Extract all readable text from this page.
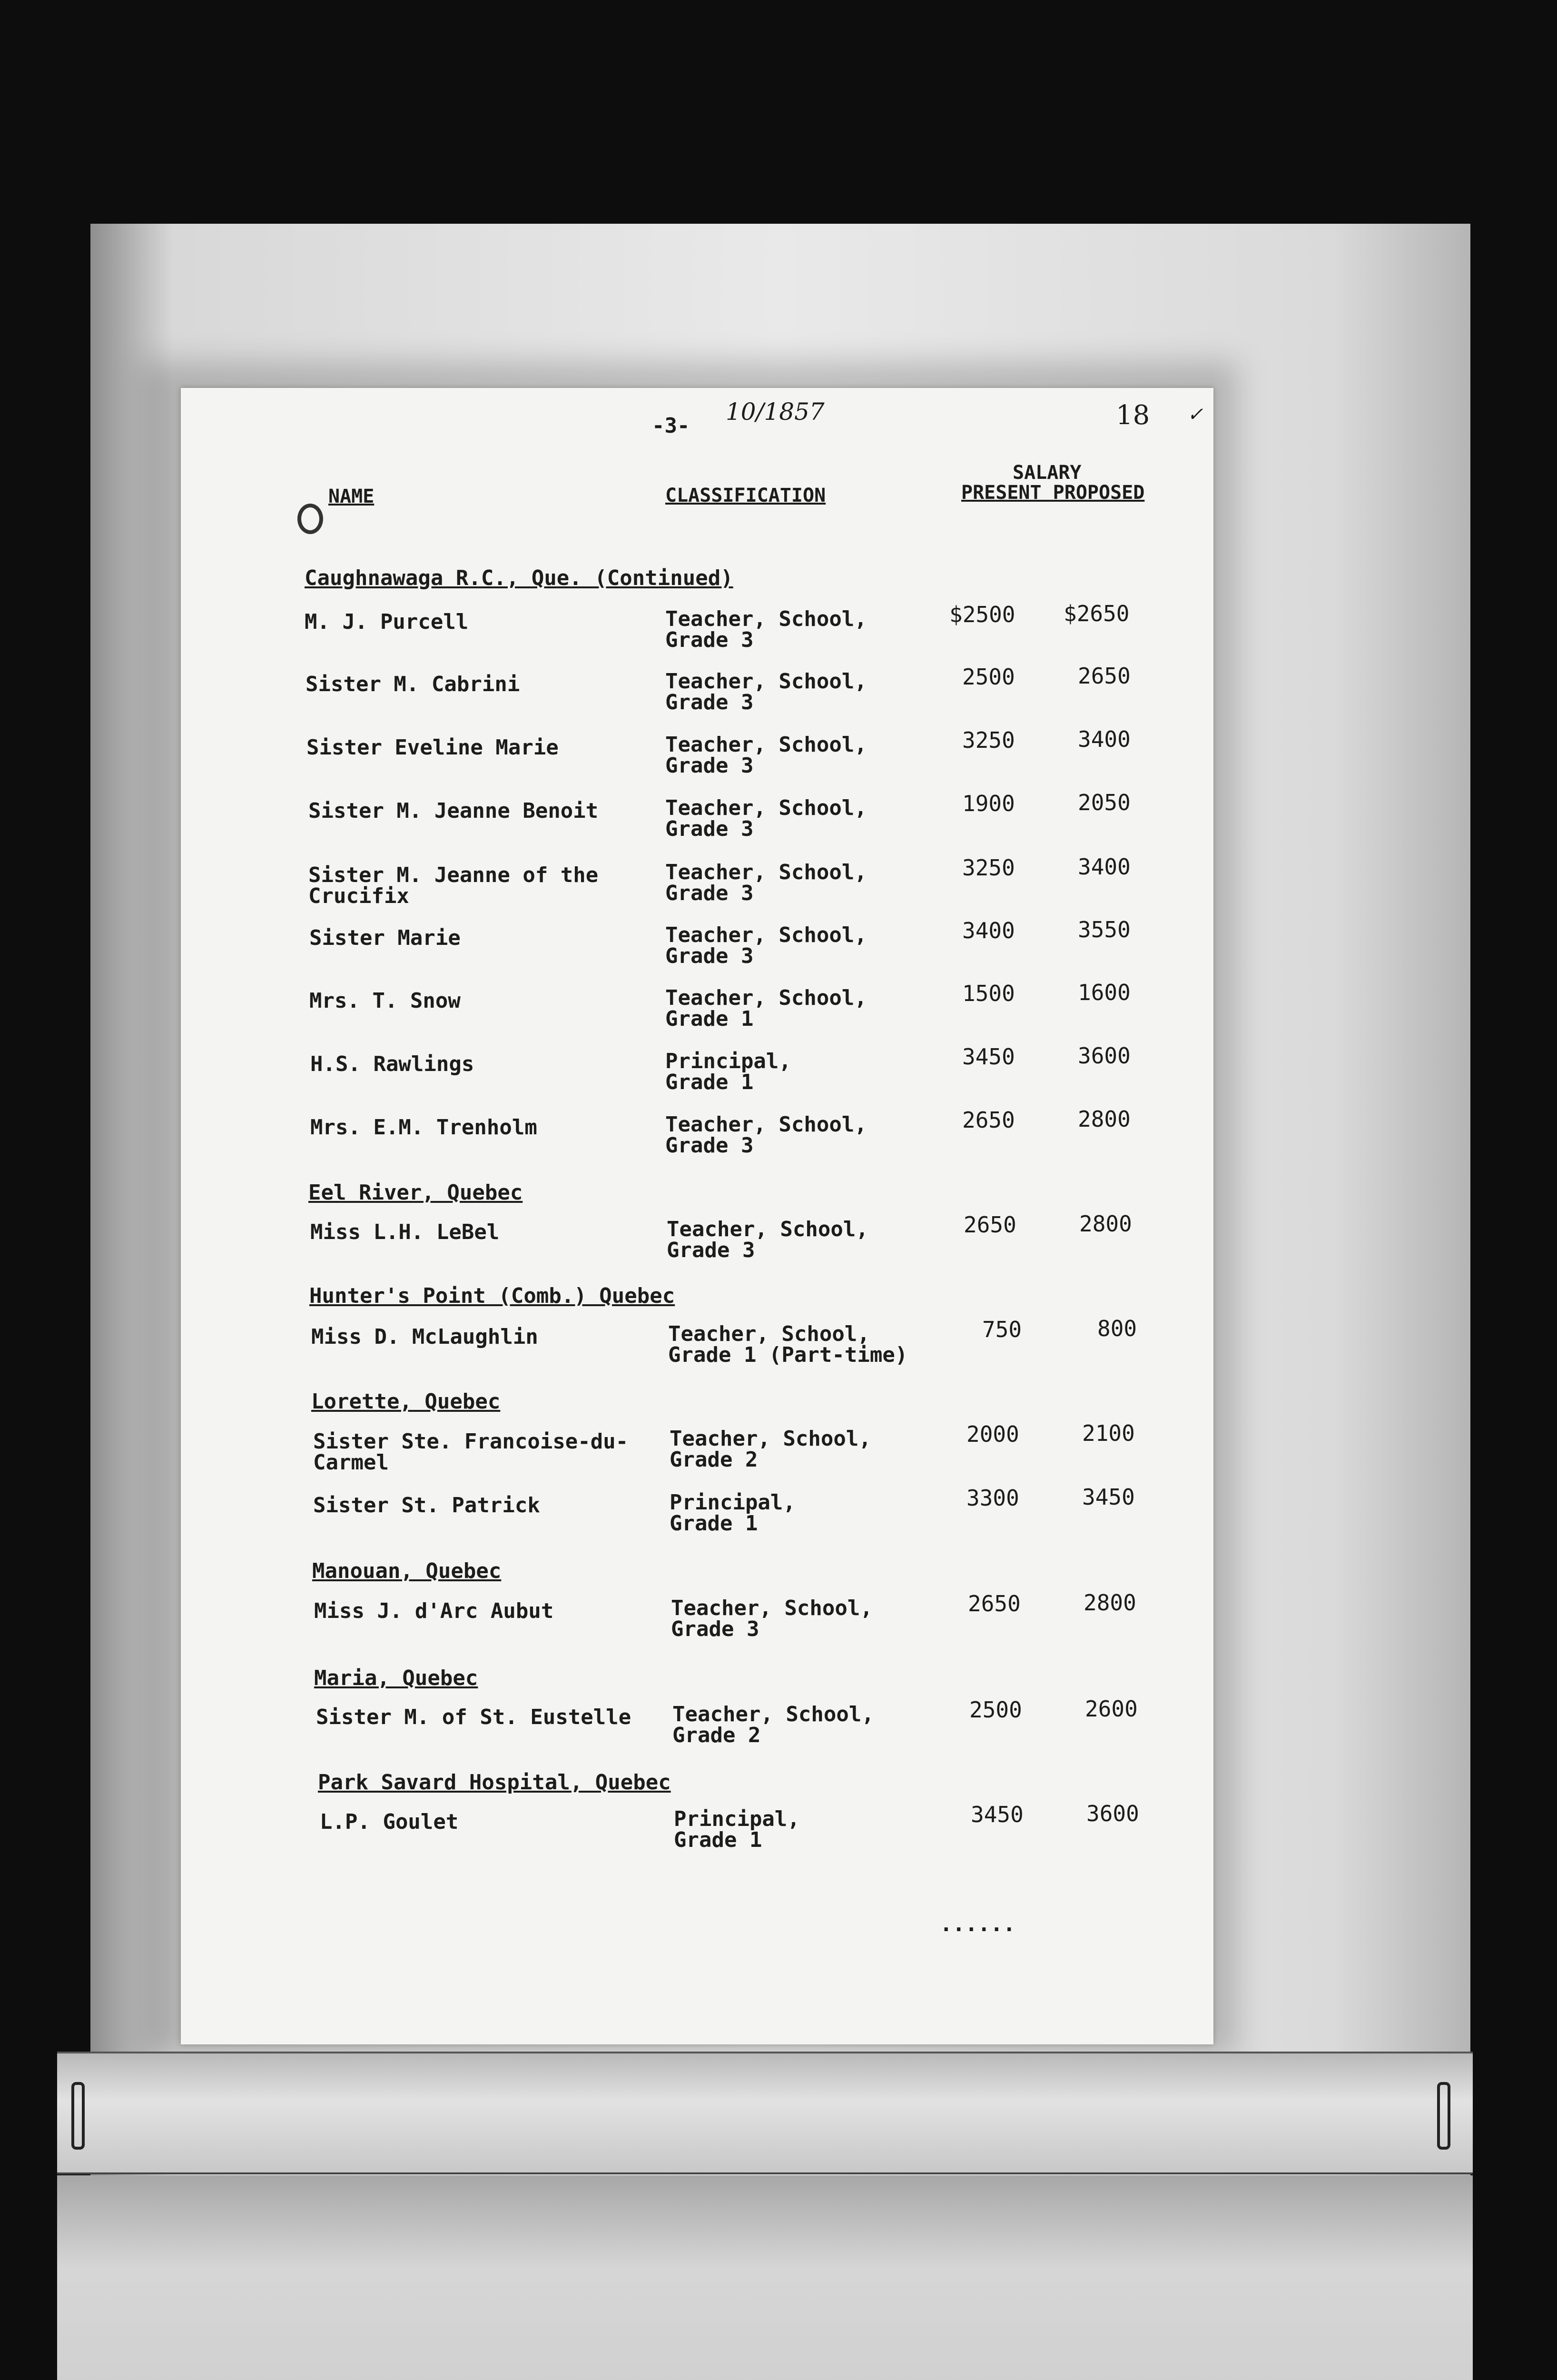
-3-
10/1857	18 ✓
NAME	CLASSIFICATION
SALARY
PRESENT PROPOSED
Caughnawaga R.C., Que. (Continued)
M. J. Purcell	Teacher, School,
Grade 3
$2500 $2650
Sister M. Cabrini	Teacher, School,
Grade 3
2500	2650
Sister Eveline Marie	Teacher, School,
Grade 3
3250	3400
Sister M. Jeanne Benoit	Teacher, School,
Grade 3
1900	2050
Sister M. Jeanne of the
Crucifix
Teacher, School,
Grade 3
3250	3400
Sister Marie	Teacher, School,
Grade 3
3400	3550
Mrs. T. Snow	Teacher, School,
Grade 1
1500	1600
H.S. Rawlings	Principal,
Grade 1
3450	3600
Mrs. E.M. Trenholm	Teacher, School,
Grade 3
2650	2800
Eel River, Quebec
Miss L.H. LeBel	Teacher, School,
Grade 3
2650	2800
Hunter's Point (Comb.) Quebec
Miss D. McLaughlin	Teacher, School,
Grade 1 (Part-time)
750	800
Lorette, Quebec
Sister Ste. Francoise-du-
Carmel
Teacher, School,
Grade 2
2000	2100
Sister St. Patrick	Principal,
Grade 1
3300	3450
Manouan, Quebec
Miss J. d'Arc Aubut	Teacher, School,
Grade 3
2650	2800
Maria, Quebec
Sister M. of St. Eustelle Teacher, School,
Grade 2
2500	2600
Park Savard Hospital, Quebec
L.P. Goulet	Principal,
Grade 1
3450	3600
......
